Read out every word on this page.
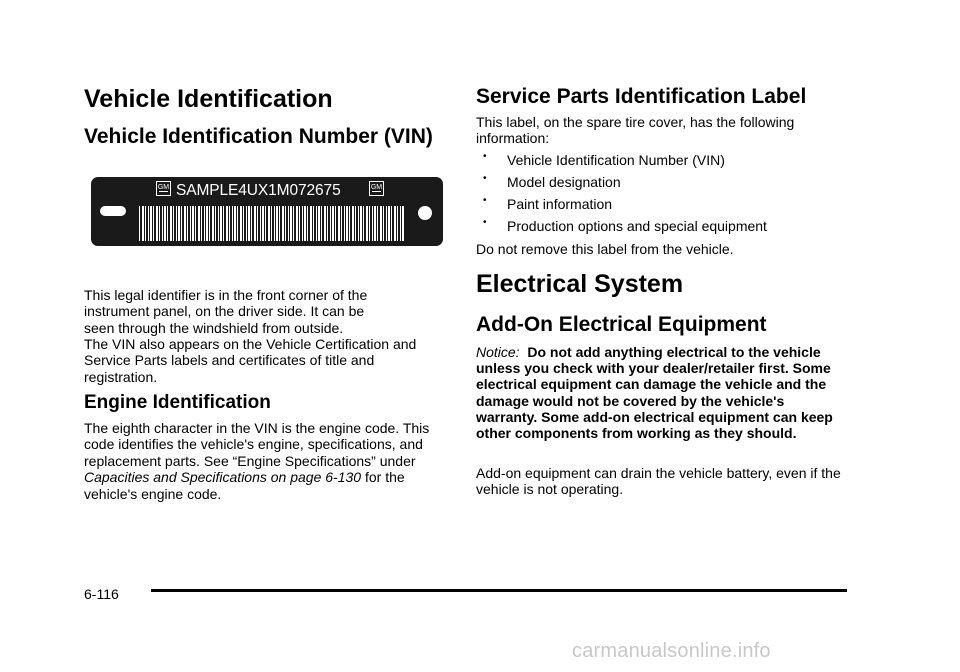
Vehicle Identification
Vehicle Identification Number (VIN)
GM SAMPLE4UX1M072675	GM

This legal identifier is in the front corner of the instrument panel, on the driver side. It can be seen through the windshield from outside.

The VIN also appears on the Vehicle Certification and Service Parts labels and certificates of title and registration.

Engine Identification

The eighth character in the VIN is the engine code. This code identifies the vehicle's engine, specifications, and replacement parts. See “Engine Specifications” under Capacities and Specifications on page 6-130 for the vehicle's engine code.

Service Parts Identification Label

This label, on the spare tire cover, has the following information:

• Vehicle Identification Number (VIN)
• Model designation
• Paint information
• Production options and special equipment

Do not remove this label from the vehicle.

Electrical System
Add-On Electrical Equipment

Notice: Do not add anything electrical to the vehicle unless you check with your dealer/retailer first. Some electrical equipment can damage the vehicle and the damage would not be covered by the vehicle's warranty. Some add-on electrical equipment can keep other components from working as they should.

Add-on equipment can drain the vehicle battery, even if the vehicle is not operating.

6-116
carmanualsonline.info
